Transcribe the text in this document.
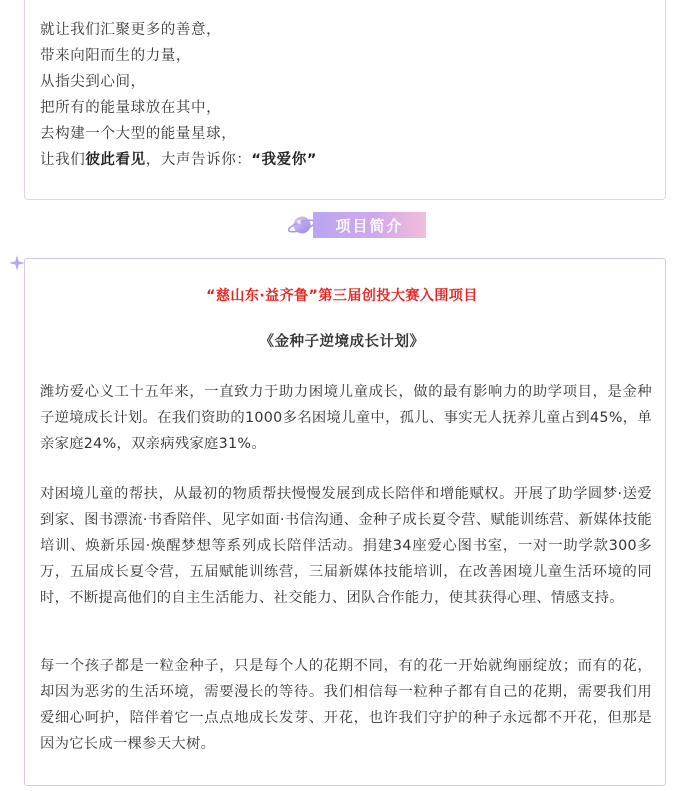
就让我们汇聚更多的善意，
带来向阳而生的力量，
从指尖到心间，
把所有的能量球放在其中，
去构建一个大型的能量星球，
让我们彼此看见，大声告诉你：“我爱你”
项目简介
“慈山东·益齐鲁”第三届创投大赛入围项目
《金种子逆境成长计划》

潍坊爱心义工十五年来，一直致力于助力困境儿童成长，做的最有影响力的助学项目，是金种子逆境成长计划。在我们资助的1000多名困境儿童中，孤儿、事实无人抚养儿童占到45%，单亲家庭24%，双亲病残家庭31%。

对困境儿童的帮扶，从最初的物质帮扶慢慢发展到成长陪伴和增能赋权。开展了助学圆梦·送爱到家、图书漂流·书香陪伴、见字如面·书信沟通、金种子成长夏令营、赋能训练营、新媒体技能培训、焕新乐园·焕醒梦想等系列成长陪伴活动。捐建34座爱心图书室，一对一助学款300多万，五届成长夏令营，五届赋能训练营，三届新媒体技能培训，在改善困境儿童生活环境的同时，不断提高他们的自主生活能力、社交能力、团队合作能力，使其获得心理、情感支持。

每一个孩子都是一粒金种子，只是每个人的花期不同，有的花一开始就绚丽绽放；而有的花，却因为恶劣的生活环境，需要漫长的等待。我们相信每一粒种子都有自己的花期，需要我们用爱细心呵护，陪伴着它一点点地成长发芽、开花，也许我们守护的种子永远都不开花，但那是因为它长成一棵参天大树。
